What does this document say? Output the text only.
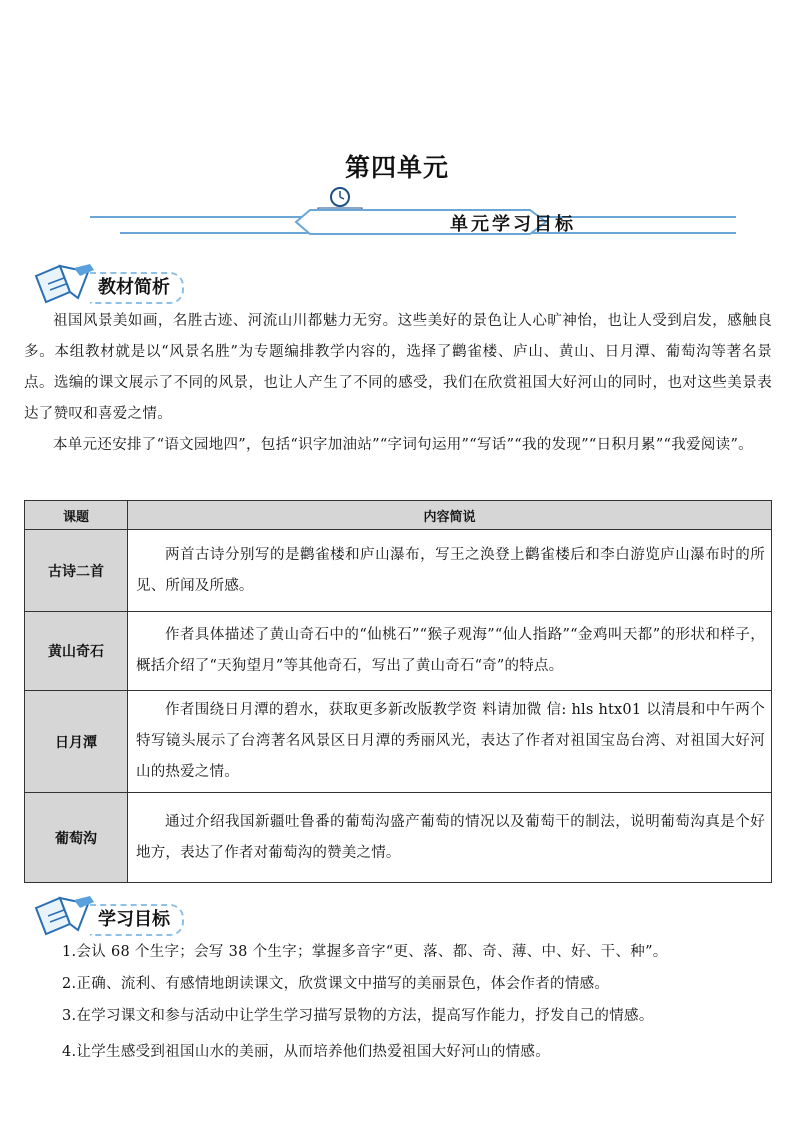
第四单元
单元学习目标
教材简析
祖国风景美如画，名胜古迹、河流山川都魅力无穷。这些美好的景色让人心旷神怡，也让人受到启发，感触良多。本组教材就是以“风景名胜”为专题编排教学内容的，选择了鹳雀楼、庐山、黄山、日月潭、葡萄沟等著名景点。选编的课文展示了不同的风景，也让人产生了不同的感受，我们在欣赏祖国大好河山的同时，也对这些美景表达了赞叹和喜爱之情。
本单元还安排了“语文园地四”，包括“识字加油站”“字词句运用”“写话”“我的发现”“日积月累”“我爱阅读”。
课题	内容简说
古诗二首	两首古诗分别写的是鹳雀楼和庐山瀑布，写王之涣登上鹳雀楼后和李白游览庐山瀑布时的所见、所闻及所感。
黄山奇石	作者具体描述了黄山奇石中的“仙桃石”“猴子观海”“仙人指路”“金鸡叫天都”的形状和样子，概括介绍了“天狗望月”等其他奇石，写出了黄山奇石“奇”的特点。
日月潭	作者围绕日月潭的碧水，获取更多新改版教学资 料请加微 信: hls htx01 以清晨和中午两个特写镜头展示了台湾著名风景区日月潭的秀丽风光，表达了作者对祖国宝岛台湾、对祖国大好河山的热爱之情。
葡萄沟	通过介绍我国新疆吐鲁番的葡萄沟盛产葡萄的情况以及葡萄干的制法，说明葡萄沟真是个好地方，表达了作者对葡萄沟的赞美之情。
学习目标
1.会认 68 个生字；会写 38 个生字；掌握多音字“更、落、都、奇、薄、中、好、干、种”。
2.正确、流利、有感情地朗读课文，欣赏课文中描写的美丽景色，体会作者的情感。
3.在学习课文和参与活动中让学生学习描写景物的方法，提高写作能力，抒发自己的情感。
4.让学生感受到祖国山水的美丽，从而培养他们热爱祖国大好河山的情感。
